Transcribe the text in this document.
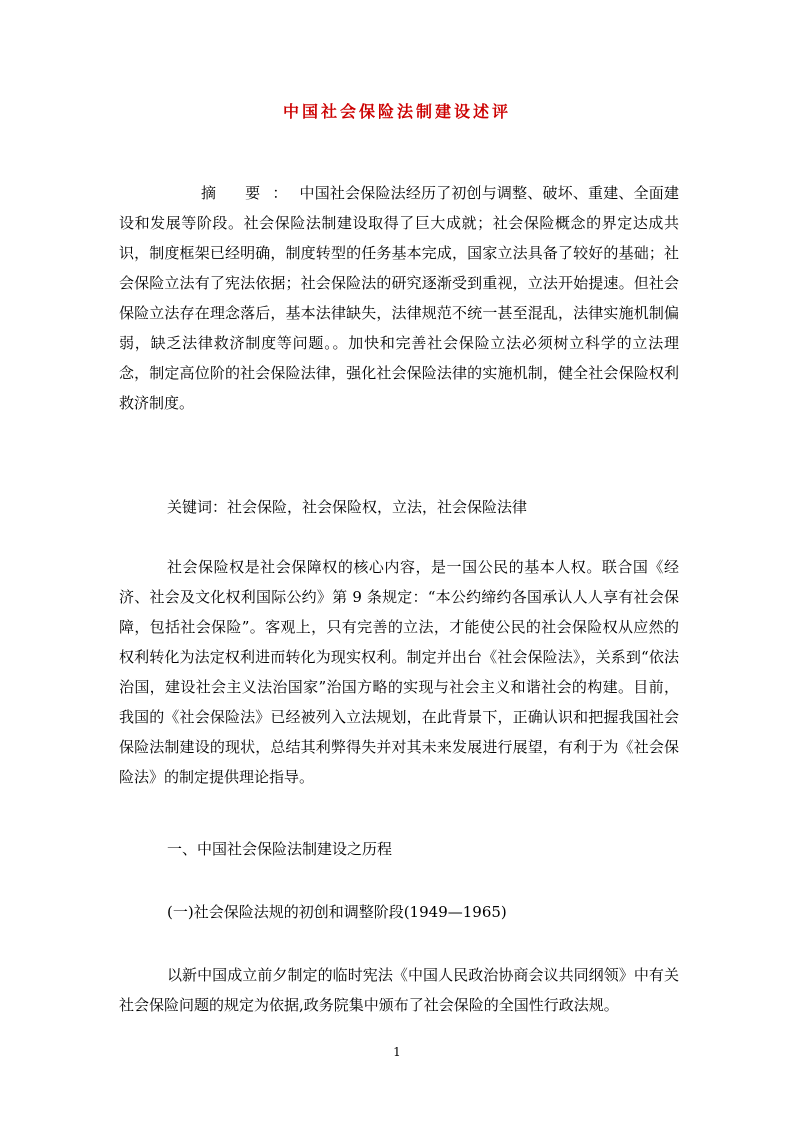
中国社会保险法制建设述评

摘 要：中国社会保险法经历了初创与调整、破坏、重建、全面建设和发展等阶段。社会保险法制建设取得了巨大成就；社会保险概念的界定达成共识，制度框架已经明确，制度转型的任务基本完成，国家立法具备了较好的基础；社会保险立法有了宪法依据；社会保险法的研究逐渐受到重视，立法开始提速。但社会保险立法存在理念落后，基本法律缺失，法律规范不统一甚至混乱，法律实施机制偏弱，缺乏法律救济制度等问题。。加快和完善社会保险立法必须树立科学的立法理念，制定高位阶的社会保险法律，强化社会保险法律的实施机制，健全社会保险权利救济制度。

关键词：社会保险，社会保险权，立法，社会保险法律

社会保险权是社会保障权的核心内容，是一国公民的基本人权。联合国《经济、社会及文化权利国际公约》第 9 条规定：“本公约缔约各国承认人人享有社会保障，包括社会保险”。客观上，只有完善的立法，才能使公民的社会保险权从应然的权利转化为法定权利进而转化为现实权利。制定并出台《社会保险法》，关系到“依法治国，建设社会主义法治国家”治国方略的实现与社会主义和谐社会的构建。目前，我国的《社会保险法》已经被列入立法规划，在此背景下，正确认识和把握我国社会保险法制建设的现状，总结其利弊得失并对其未来发展进行展望，有利于为《社会保险法》的制定提供理论指导。

一、中国社会保险法制建设之历程

(一)社会保险法规的初创和调整阶段(1949—1965)

以新中国成立前夕制定的临时宪法《中国人民政治协商会议共同纲领》中有关社会保险问题的规定为依据,政务院集中颁布了社会保险的全国性行政法规。

1
